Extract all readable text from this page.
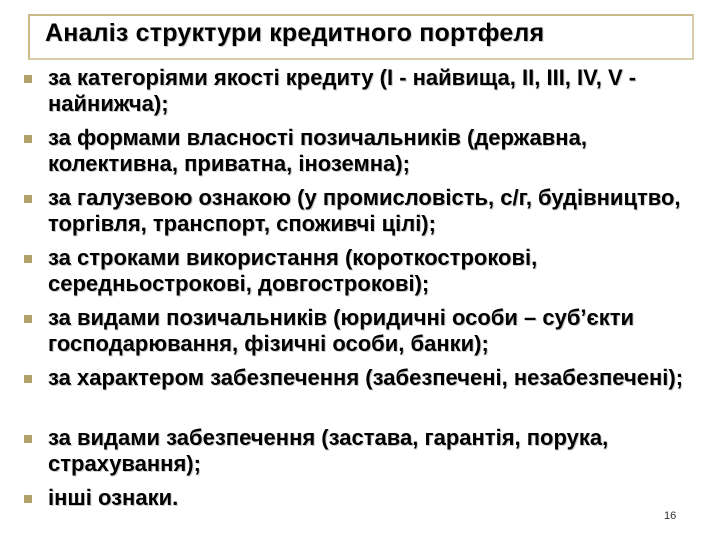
Аналіз структури кредитного портфеля
за категоріями якості кредиту (І - найвища, ІІ, ІІІ, ІV, V - найнижча);
за формами власності позичальників (державна, колективна, приватна, іноземна);
за галузевою ознакою (у промисловість, с/г, будівництво, торгівля, транспорт, споживчі цілі);
за строками використання (короткострокові, середньострокові, довгострокові);
за видами позичальників (юридичні особи – суб’єкти господарювання, фізичні особи, банки);
за характером забезпечення (забезпечені, незабезпечені);
за видами забезпечення (застава, гарантія, порука, страхування);
інші ознаки.
16
